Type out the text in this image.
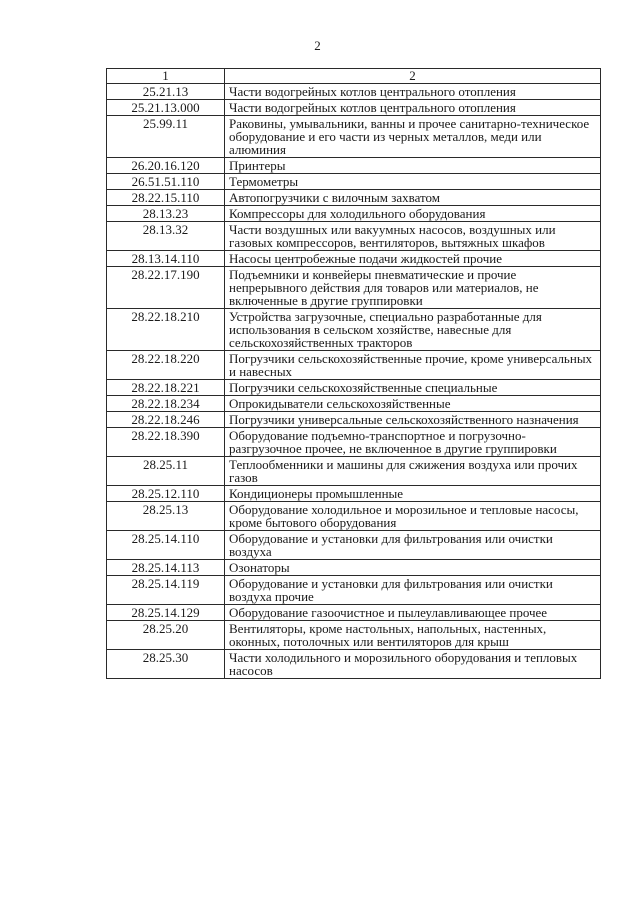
2
1	2
25.21.13	Части водогрейных котлов центрального отопления
25.21.13.000	Части водогрейных котлов центрального отопления
25.99.11	Раковины, умывальники, ванны и прочее санитарно-техническое оборудование и его части из черных металлов, меди или алюминия
26.20.16.120	Принтеры
26.51.51.110	Термометры
28.22.15.110	Автопогрузчики с вилочным захватом
28.13.23	Компрессоры для холодильного оборудования
28.13.32	Части воздушных или вакуумных насосов, воздушных или газовых компрессоров, вентиляторов, вытяжных шкафов
28.13.14.110	Насосы центробежные подачи жидкостей прочие
28.22.17.190	Подъемники и конвейеры пневматические и прочие непрерывного действия для товаров или материалов, не включенные в другие группировки
28.22.18.210	Устройства загрузочные, специально разработанные для использования в сельском хозяйстве, навесные для сельскохозяйственных тракторов
28.22.18.220	Погрузчики сельскохозяйственные прочие, кроме универсальных и навесных
28.22.18.221	Погрузчики сельскохозяйственные специальные
28.22.18.234	Опрокидыватели сельскохозяйственные
28.22.18.246	Погрузчики универсальные сельскохозяйственного назначения
28.22.18.390	Оборудование подъемно-транспортное и погрузочно-разгрузочное прочее, не включенное в другие группировки
28.25.11	Теплообменники и машины для сжижения воздуха или прочих газов
28.25.12.110	Кондиционеры промышленные
28.25.13	Оборудование холодильное и морозильное и тепловые насосы, кроме бытового оборудования
28.25.14.110	Оборудование и установки для фильтрования или очистки воздуха
28.25.14.113	Озонаторы
28.25.14.119	Оборудование и установки для фильтрования или очистки воздуха прочие
28.25.14.129	Оборудование газоочистное и пылеулавливающее прочее
28.25.20	Вентиляторы, кроме настольных, напольных, настенных, оконных, потолочных или вентиляторов для крыш
28.25.30	Части холодильного и морозильного оборудования и тепловых насосов
